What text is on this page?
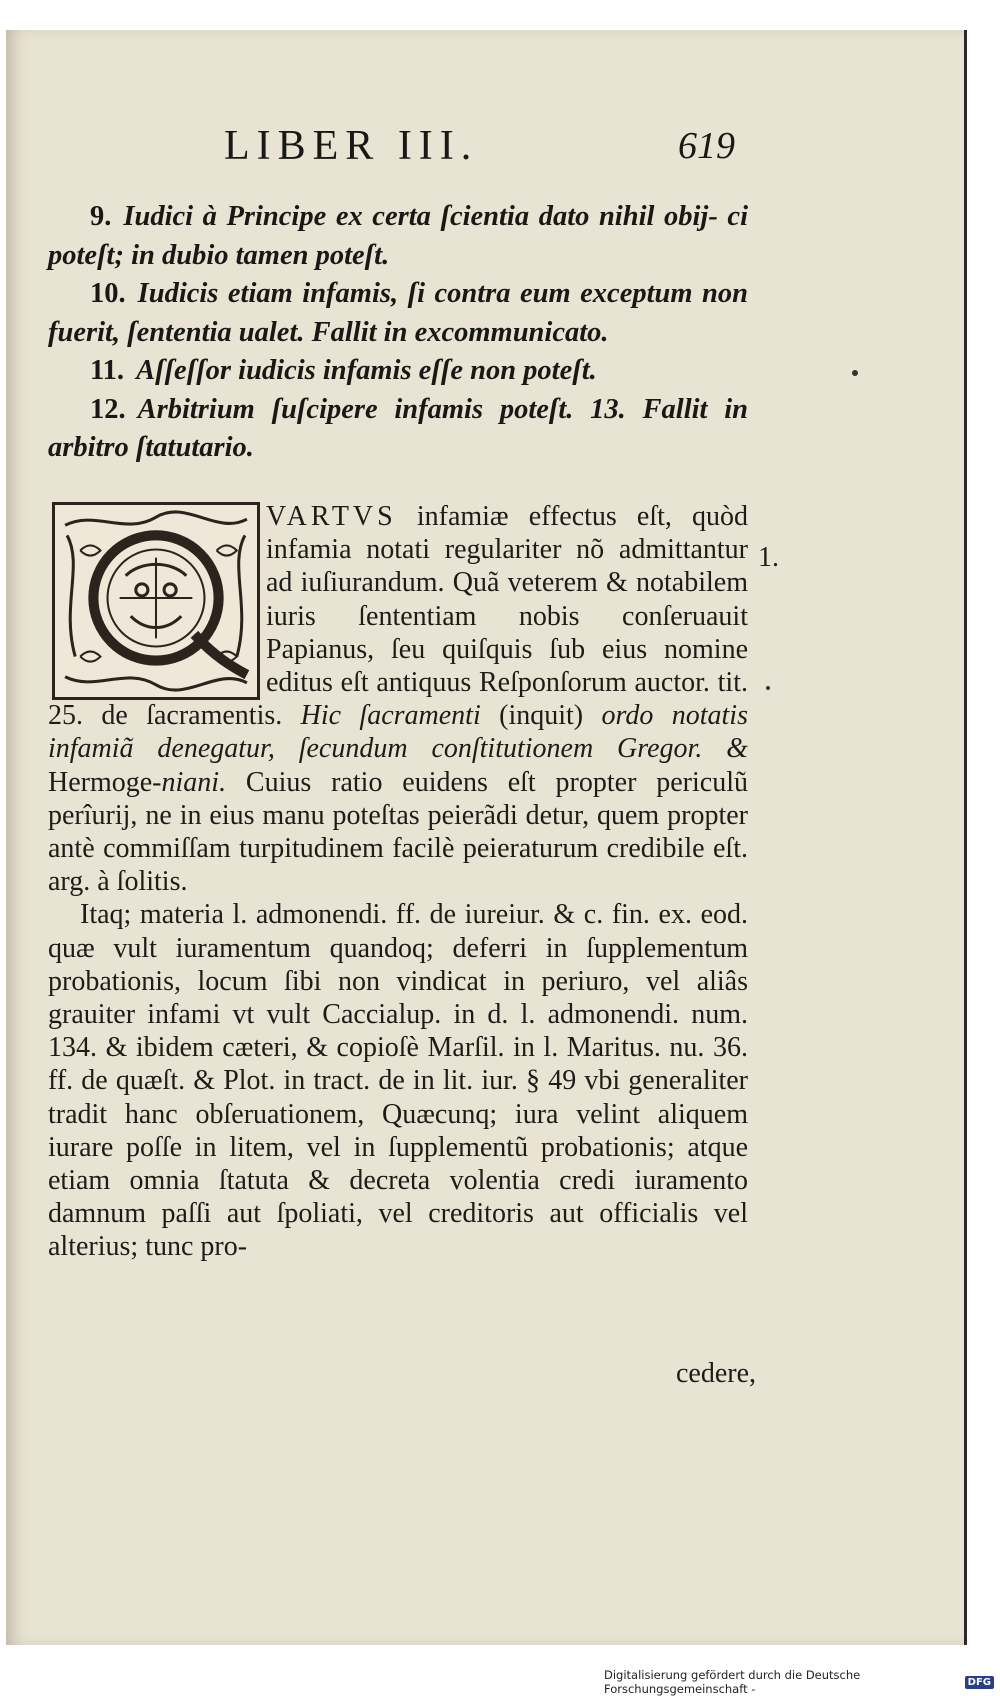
LIBER III.	619

9. Iudici à Principe ex certa ſcientia dato nihil obij- ci poteſt; in dubio tamen poteſt.

10. Iudicis etiam infamis, ſi contra eum exceptum non fuerit, ſententia ualet. Fallit in excommunicato.

11. Aſſeſſor iudicis infamis eſſe non poteſt.

12. Arbitrium ſuſcipere infamis poteſt. 13. Fallit in arbitro ſtatutario.

VARTVS infamiæ effectus eſt, quòd infamia notati regulariter nõ admittantur ad iuſiurandum. Quã veterem & notabilem iuris ſententiam nobis conſeruauit Papianus, ſeu quiſquis ſub eius nomine editus eſt antiquus Reſponſorum auctor. tit. 25. de ſacramentis. Hic ſacramenti (inquit) ordo notatis infamiã denegatur, ſecundum conſtitutionem Gregor. & Hermoge-niani. Cuius ratio euidens eſt propter periculũ perîurij, ne in eius manu poteſtas peierãdi detur, quem propter antè commiſſam turpitudinem facilè peieraturum credibile eſt. arg. à ſolitis.

Itaq; materia l. admonendi. ff. de iureiur. & c. fin. ex. eod. quæ vult iuramentum quandoq; deferri in ſupplementum probationis, locum ſibi non vindicat in periuro, vel aliâs grauiter infami vt vult Caccialup. in d. l. admonendi. num. 134. & ibidem cæteri, & copioſè Marſil. in l. Maritus. nu. 36. ff. de quæſt. & Plot. in tract. de in lit. iur. § 49 vbi generaliter tradit hanc obſeruationem, Quæcunq; iura velint aliquem iurare poſſe in litem, vel in ſupplementũ probationis; atque etiam omnia ſtatuta & decreta volentia credi iuramento damnum paſſi aut ſpoliati, vel creditoris aut officialis vel alterius; tunc pro-

1.
cedere,
Digitalisierung gefördert durch die Deutsche Forschungsgemeinschaft -	DFG
